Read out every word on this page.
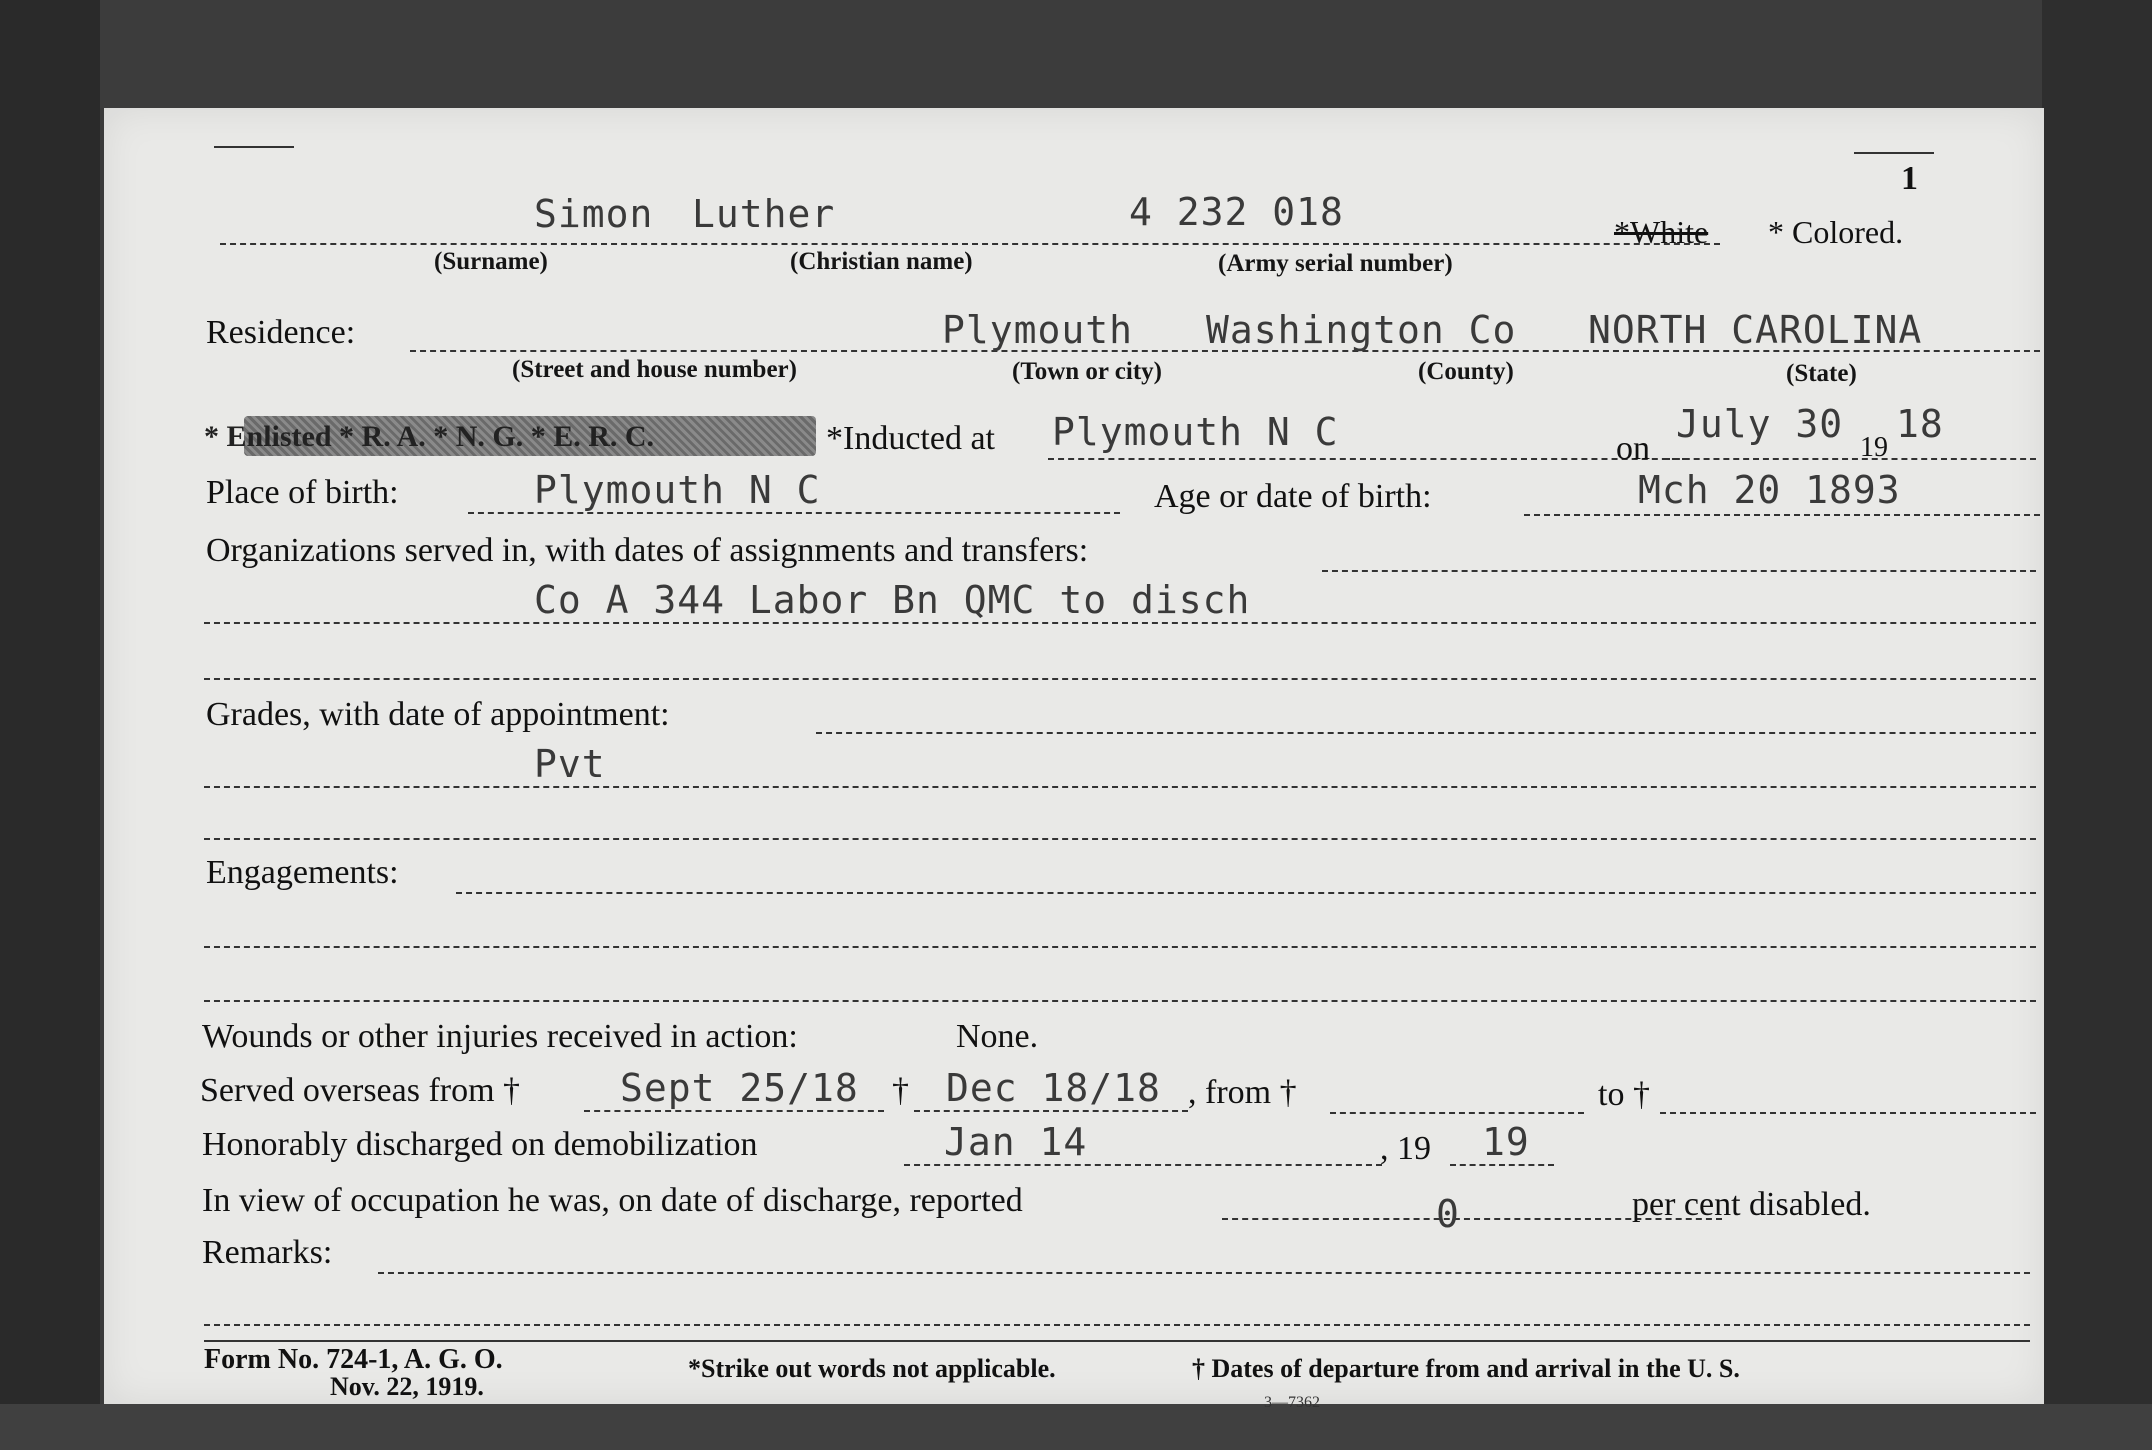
1
Simon Luther	4 232 018	*White * Colored.
(Surname)	(Christian name)	(Army serial number)
Residence:	Plymouth Washington Co NORTH CAROLINA
(Street and house number)	(Town or city)	(County)	(State)
* Enlisted * R. A. * N. G. * E. R. C.	*Inducted at Plymouth N C	on
July 30
19
18
Place of birth:	Plymouth N C	Age or date of birth:	Mch 20 1893
Organizations served in, with dates of assignments and transfers:
Co A 344 Labor Bn QMC to disch
Grades, with date of appointment:
Pvt
Engagements:
Wounds or other injuries received in action:	None.
Served overseas from †	Sept 25/18 † Dec 18/18 , from †	to †
Honorably discharged on demobilization	Jan 14	, 19 19
In view of occupation he was, on date of discharge, reported	0	per cent disabled.
Remarks:
Form No. 724-1, A. G. O.
Nov. 22, 1919.
*Strike out words not applicable.	† Dates of departure from and arrival in the U. S.
3—7362
